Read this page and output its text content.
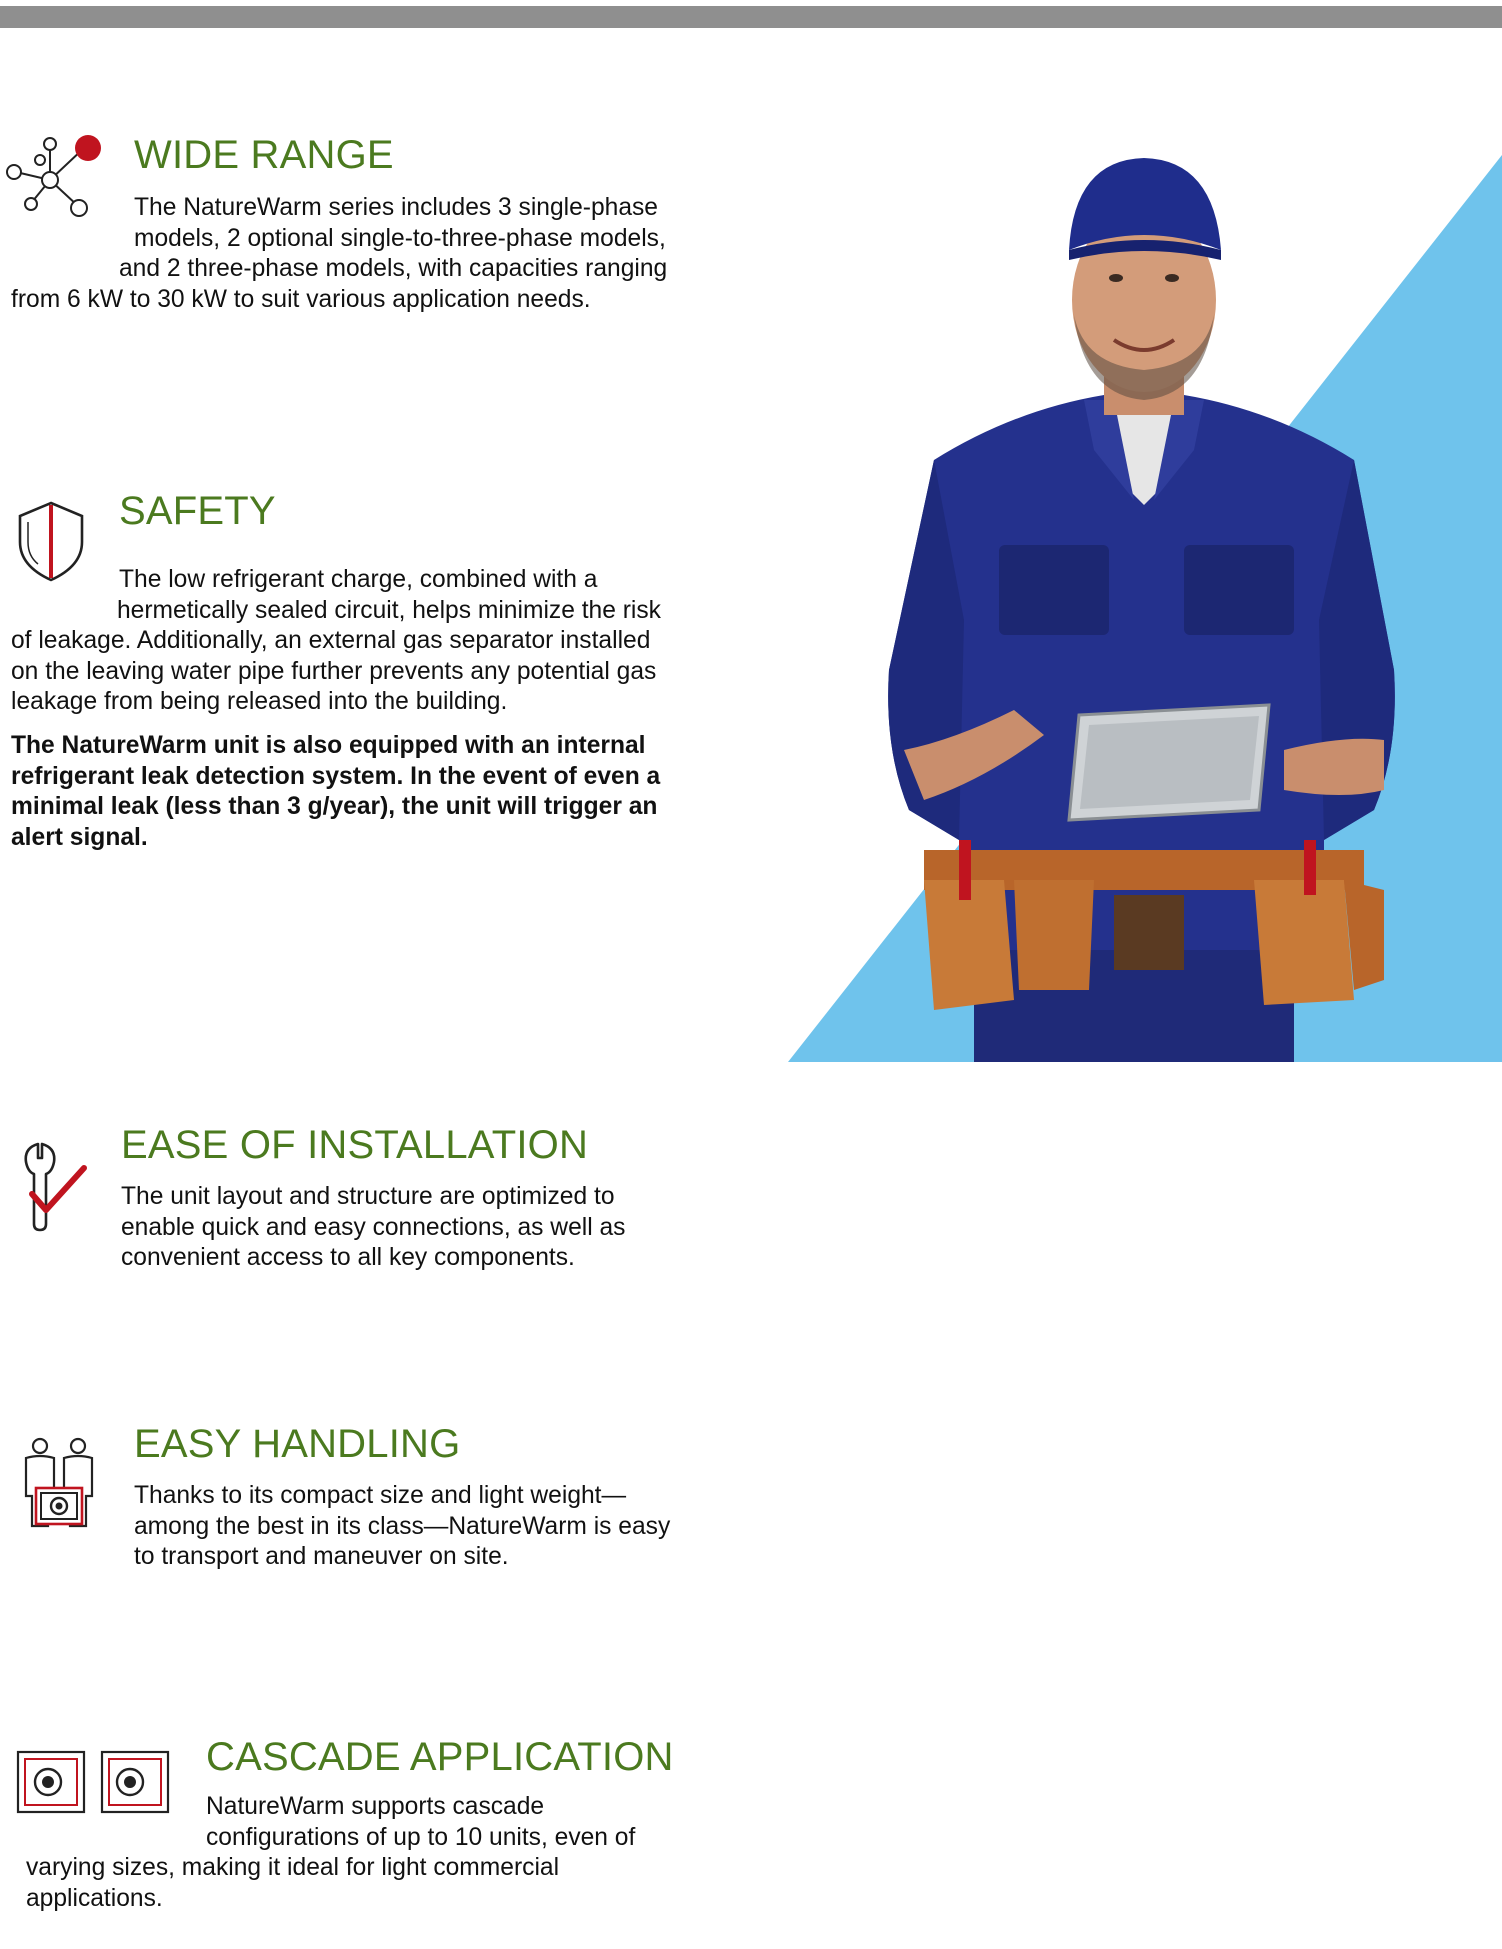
WIDE RANGE

The NatureWarm series includes 3 single-phase
models, 2 optional single-to-three-phase models,
and 2 three-phase models, with capacities ranging
from 6 kW to 30 kW to suit various application needs.

SAFETY

The low refrigerant charge, combined with a
hermetically sealed circuit, helps minimize the risk
of leakage. Additionally, an external gas separator installed
on the leaving water pipe further prevents any potential gas
leakage from being released into the building.

The NatureWarm unit is also equipped with an internal
refrigerant leak detection system. In the event of even a
minimal leak (less than 3 g/year), the unit will trigger an
alert signal.

EASE OF INSTALLATION

The unit layout and structure are optimized to
enable quick and easy connections, as well as
convenient access to all key components.

EASY HANDLING

Thanks to its compact size and light weight—
among the best in its class—NatureWarm is easy
to transport and maneuver on site.

CASCADE APPLICATION

NatureWarm supports cascade
configurations of up to 10 units, even of
varying sizes, making it ideal for light commercial
applications.
